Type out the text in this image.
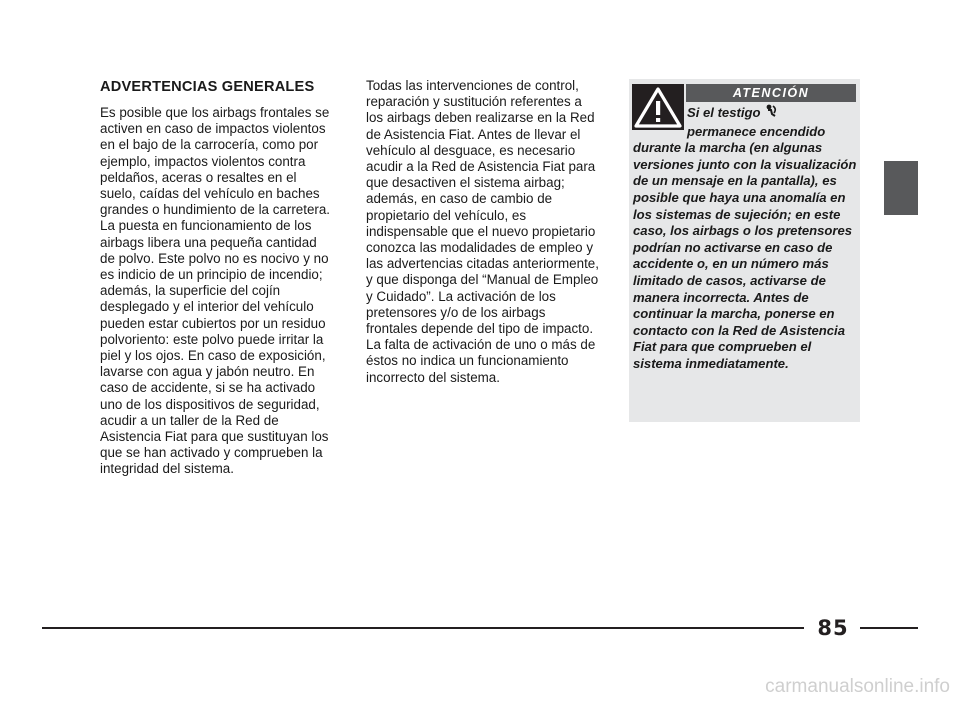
ADVERTENCIAS GENERALES

Es posible que los airbags frontales se activen en caso de impactos violentos en el bajo de la carrocería, como por ejemplo, impactos violentos contra peldaños, aceras o resaltes en el suelo, caídas del vehículo en baches grandes o hundimiento de la carretera. La puesta en funcionamiento de los airbags libera una pequeña cantidad de polvo. Este polvo no es nocivo y no es indicio de un principio de incendio; además, la superficie del cojín desplegado y el interior del vehículo pueden estar cubiertos por un residuo polvoriento: este polvo puede irritar la piel y los ojos. En caso de exposición, lavarse con agua y jabón neutro. En caso de accidente, si se ha activado uno de los dispositivos de seguridad, acudir a un taller de la Red de Asistencia Fiat para que sustituyan los que se han activado y comprueben la integridad del sistema.

Todas las intervenciones de control, reparación y sustitución referentes a los airbags deben realizarse en la Red de Asistencia Fiat. Antes de llevar el vehículo al desguace, es necesario acudir a la Red de Asistencia Fiat para que desactiven el sistema airbag; además, en caso de cambio de propietario del vehículo, es indispensable que el nuevo propietario conozca las modalidades de empleo y las advertencias citadas anteriormente, y que disponga del “Manual de Empleo y Cuidado”. La activación de los pretensores y/o de los airbags frontales depende del tipo de impacto. La falta de activación de uno o más de éstos no indica un funcionamiento incorrecto del sistema.

ATENCIÓN
Si el testigo
permanece encendido
durante la marcha (en algunas versiones junto con la visualización de un mensaje en la pantalla), es posible que haya una anomalía en los sistemas de sujeción; en este caso, los airbags o los pretensores podrían no activarse en caso de accidente o, en un número más limitado de casos, activarse de manera incorrecta. Antes de continuar la marcha, ponerse en contacto con la Red de Asistencia Fiat para que comprueben el sistema inmediatamente.
85
carmanualsonline.info
